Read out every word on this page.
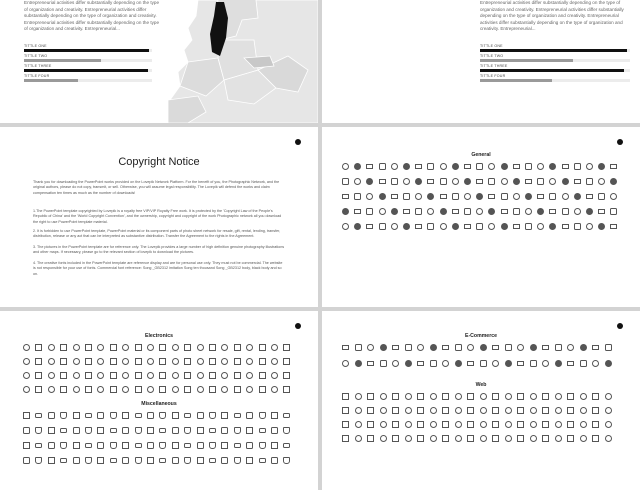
Entrepreneurial activities differ substantially depending on the type of organization and creativity. Entrepreneurial activities differ substantially depending on the type of organization and creativity. Entrepreneurial activities differ substantially depending on the type of organization and creativity. Entrepreneurial...
TITTLE ONE
TITTLE TWO
TITTLE THREE
TITTLE FOUR
Entrepreneurial activities differ substantially depending on the type of organization and creativity. Entrepreneurial activities differ substantially depending on the type of organization and creativity. Entrepreneurial activities differ substantially depending on the type of organization and creativity. Entrepreneurial...
TITTLE ONE
TITTLE TWO
TITTLE THREE
TITTLE FOUR
Copyright Notice
Thank you for downloading the PowerPoint works provided on the Lovepik Network Platform. For the benefit of you, the Photographic Network, and the original authors, please do not copy, transmit, or sell. Otherwise, you will assume legal responsibility. The Lovepik will defend the works and claim compensation ten times as much as the number of downloads!
1.The PowerPoint template copyrighted by Lovepik is a royalty free VIP/VIP Royalty Free work. It is protected by the 'Copyright Law of the People's Republic of China' and the 'World Copyright Convention', and the ownership, copyright and copyright of the work Photographic network all you download the right to use PowerPoint template material.
2. It is forbidden to use PowerPoint template, PowerPoint material or its component parts of photo sheet network for resale, gift, rental, lending, transfer, distribution, release or any act that can be interpreted as substantive distribution. Transfer the Agreement to the rights in the Agreement.
3. The pictures in the PowerPoint template are for reference only. The Lovepik provides a large number of high definition genuine photography illustrations and other maps. If necessary, please go to the relevant section of lovepik to download the pictures.
4. The creative fonts included in the PowerPoint template are reference display and are for personal use only. They must not be commercial. The website is not responsible for your use of fonts. Commercial font reference: Song _GB2312 imitation Song ten thousand Song _GB2312 body, black body and so on.
General
Electronics
Miscellaneous
E-Commerce
Web
